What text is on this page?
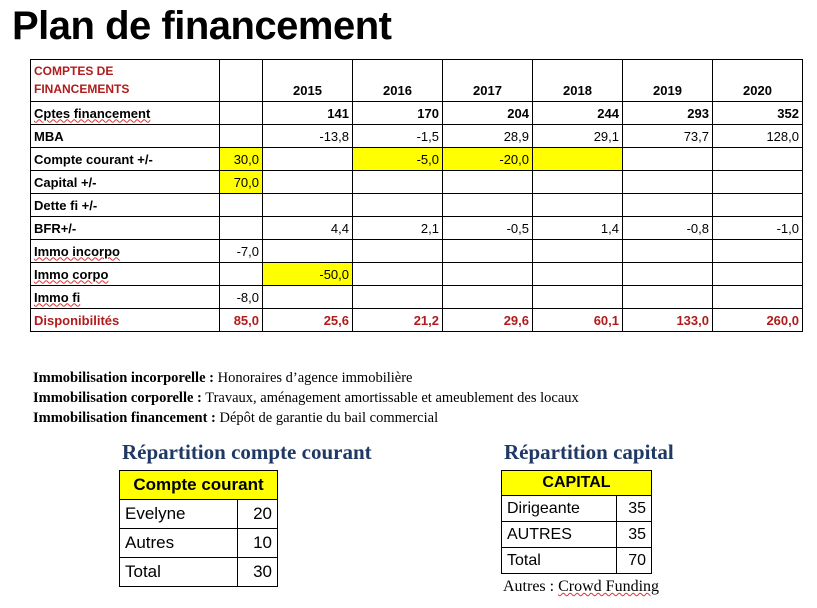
Plan de financement
COMPTES DE
FINANCEMENTS		2015	2016	2017	2018	2019	2020
Cptes financement		141	170	204	244	293	352
MBA		-13,8	-1,5	28,9	29,1	73,7	128,0
Compte courant +/-	30,0		-5,0	-20,0			
Capital +/-	70,0						
Dette fi +/-							
BFR+/-		4,4	2,1	-0,5	1,4	-0,8	-1,0
Immo incorpo	-7,0						
Immo corpo		-50,0					
Immo fi	-8,0						
Disponibilités	85,0	25,6	21,2	29,6	60,1	133,0	260,0
Immobilisation incorporelle : Honoraires d’agence immobilière
Immobilisation corporelle : Travaux, aménagement amortissable et ameublement des locaux
Immobilisation financement : Dépôt de garantie du bail commercial
Répartition compte courant
Compte courant	
Evelyne	20
Autres	10
Total	30
Répartition capital
CAPITAL	
Dirigeante	35
AUTRES	35
Total	70
Autres : Crowd Funding
